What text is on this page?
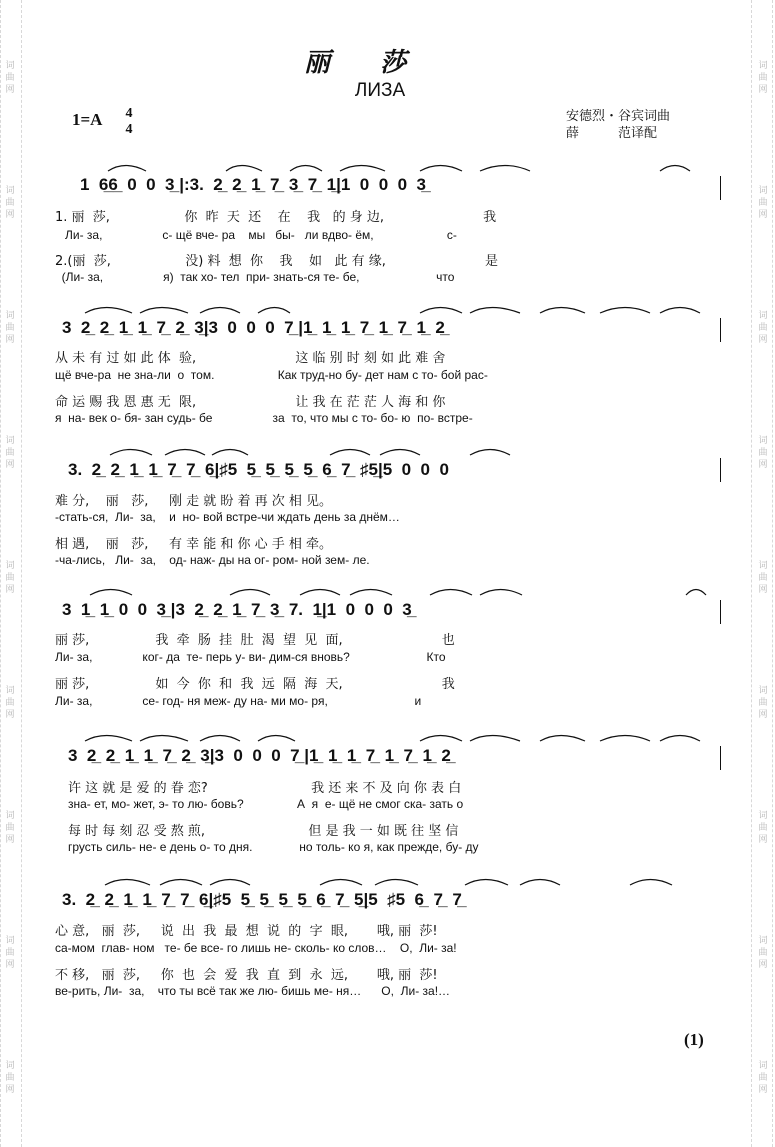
词
曲
网
词
曲
网
词
曲
网
词
曲
网
词
曲
网
词
曲
网
词
曲
网
词
曲
网
词
曲
网
词
曲
网
词
曲
网
词
曲
网
词
曲
网
词
曲
网
词
曲
网
词
曲
网
词
曲
网
词
曲
网
丽莎
ЛИЗА
1=A 4
4
安德烈・谷宾词曲
薛　　　范译配
1  6̲6̲  0  0  3̲ |:3.  2̲  2̲  1̲  7̲  3̲  7̲  1̲|1  0  0  0  3̲
1. 丽  莎,                  你  昨  天  还    在    我   的 身 边,                        我
Ли- за,                  с- щё вче- ра    мы   бы-   ли вдво- ём,                      с-
2.(丽  莎,                  没) 料  想  你    我    如   此 有 缘,                        是
(Ли- за,                  я)  так хо- тел  при- знать-ся те- бе,                       что
3  2̲  2̲  1̲  1̲  7̲  2̲  3̲|3  0  0  0  7̲ |1̲  1̲  1̲  7̲  1̲  7̲  1̲  2̲
从 未 有 过 如 此 体  验,                        这 临 别 时 刻 如 此 难 舍
щё вче-ра  не зна-ли  о  том.                   Как труд-но бу- дет нам с то- бой рас-
命 运 赐 我 恩 惠 无  限,                        让 我 在 茫 茫 人 海 和 你
я  на- век о- бя- зан судь- бе                  за  то, что мы с то- бо- ю  по- встре-
3.  2̲  2̲  1̲  1̲  7̲  7̲  6̲|♯5  5̲  5̲  5̲  5̲  6̲  7̲  ♯5̲|5  0  0  0
难 分,    丽   莎,     刚 走 就 盼 着 再 次 相 见。
-стать-ся,  Ли-  за,    и  но- вой встре-чи ждать день за днём…
相 遇,    丽   莎,     有 幸 能 和 你 心 手 相 牵。
-ча-лись,   Ли-  за,    од- наж- ды на ог- ром- ной зем- ле.
3  1̲  1̲  0  0  3̲ |3  2̲  2̲  1̲  7̲  3̲  7.  1̲|1  0  0  0  3̲
丽 莎,                我  牵  肠  挂  肚  渴  望  见  面,                        也
Ли- за,               ког- да  те- перь у- ви- дим-ся вновь?                       Кто
丽 莎,                如  今  你  和  我  远  隔  海  天,                        我
Ли- за,               се- год- ня меж- ду на- ми мо- ря,                          и
3  2̲  2̲  1̲  1̲  7̲  2̲  3̲|3  0  0  0  7̲ |1̲  1̲  1̲  7̲  1̲  7̲  1̲  2̲
许 这 就 是 爱 的 眷 恋?                         我 还 来 不 及 向 你 表 白
зна- ет, мо- жет, э- то лю- бовь?                А  я  е- щё не смог ска- зать о
每 时 每 刻 忍 受 熬 煎,                         但 是 我 一 如 既 往 坚 信
грусть силь- не- е день о- то дня.              но толь- ко я, как прежде, бу- ду
3.  2̲  2̲  1̲  1̲  7̲  7̲  6̲|♯5  5̲  5̲  5̲  5̲  6̲  7̲  5̲|5  ♯5  6̲  7̲  7̲
心 意,   丽  莎,     说  出  我  最  想  说  的  字  眼,       哦, 丽  莎!
са-мом  глав- ном   те- бе все- го лишь не- сколь- ко слов…    О,  Ли- за!
不 移,   丽  莎,     你  也  会  爱  我  直  到  永  远,       哦, 丽  莎!
ве-рить, Ли-  за,    что ты всё так же лю- бишь ме- ня…      О,  Ли- за!…
(1)
